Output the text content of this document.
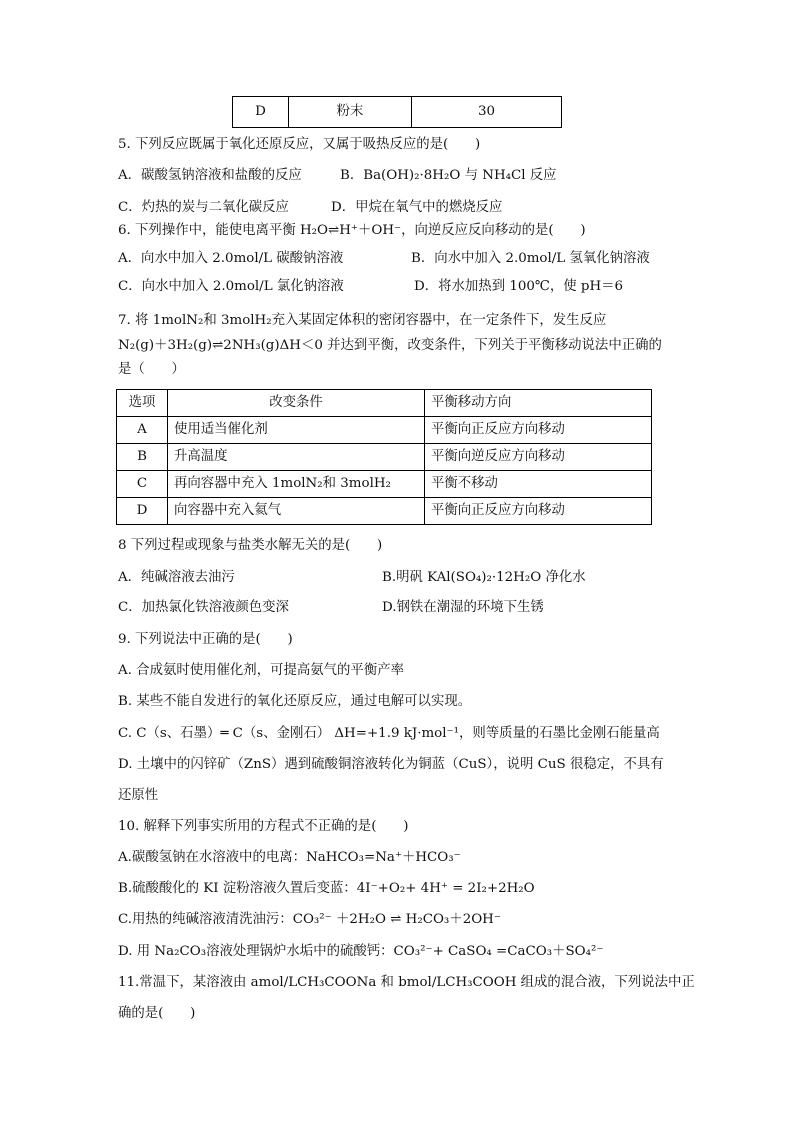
D	粉末	30
5. 下列反应既属于氧化还原反应，又属于吸热反应的是(　　)
A．碳酸氢钠溶液和盐酸的反应	B．Ba(OH)₂·8H₂O 与 NH₄Cl 反应
C．灼热的炭与二氧化碳反应	D．甲烷在氧气中的燃烧反应
6. 下列操作中，能使电离平衡 H₂O⇌H⁺＋OH⁻，向逆反应反向移动的是(　　)
A．向水中加入 2.0mol/L 碳酸钠溶液	B．向水中加入 2.0mol/L 氢氧化钠溶液
C．向水中加入 2.0mol/L 氯化钠溶液	D．将水加热到 100℃，使 pH＝6
7. 将 1molN₂和 3molH₂充入某固定体积的密闭容器中，在一定条件下，发生反应
N₂(g)＋3H₂(g)⇌2NH₃(g)ΔH＜0 并达到平衡，改变条件，下列关于平衡移动说法中正确的
是（　　）
选项	改变条件	平衡移动方向
A	使用适当催化剂	平衡向正反应方向移动
B	升高温度	平衡向逆反应方向移动
C	再向容器中充入 1molN₂和 3molH₂	平衡不移动
D	向容器中充入氦气	平衡向正反应方向移动
8 下列过程或现象与盐类水解无关的是(　　)
A．纯碱溶液去油污	B.明矾 KAl(SO₄)₂·12H₂O 净化水
C．加热氯化铁溶液颜色变深	D.钢铁在潮湿的环境下生锈
9. 下列说法中正确的是(　　)
A. 合成氨时使用催化剂，可提高氨气的平衡产率
B. 某些不能自发进行的氧化还原反应，通过电解可以实现。
C. C（s、石墨）═ C（s、金刚石） ΔH=+1.9 kJ·mol⁻¹，则等质量的石墨比金刚石能量高
D. 土壤中的闪锌矿（ZnS）遇到硫酸铜溶液转化为铜蓝（CuS），说明 CuS 很稳定，不具有
还原性
10. 解释下列事实所用的方程式不正确的是(　　)
A.碳酸氢钠在水溶液中的电离：NaHCO₃=Na⁺＋HCO₃⁻
B.硫酸酸化的 KI 淀粉溶液久置后变蓝：4I⁻+O₂+ 4H⁺ = 2I₂+2H₂O
C.用热的纯碱溶液清洗油污：CO₃²⁻ ＋2H₂O ⇌ H₂CO₃＋2OH⁻
D. 用 Na₂CO₃溶液处理锅炉水垢中的硫酸钙：CO₃²⁻+ CaSO₄ =CaCO₃＋SO₄²⁻
11.常温下，某溶液由 amol/LCH₃COONa 和 bmol/LCH₃COOH 组成的混合液，下列说法中正
确的是(　　)
